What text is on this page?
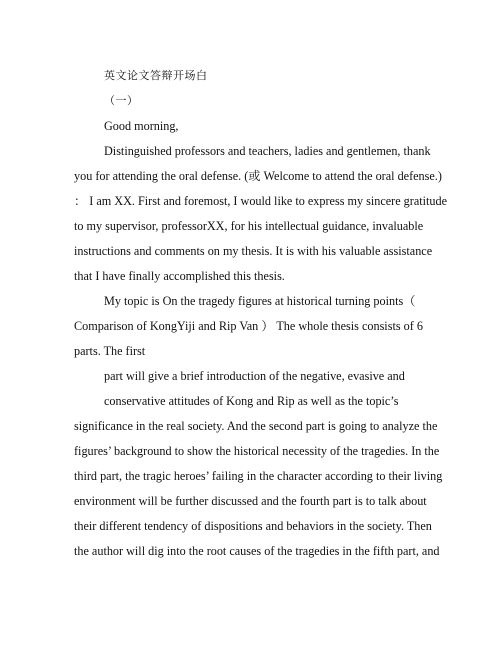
英文论文答辩开场白
（一）
Good morning,
Distinguished professors and teachers, ladies and gentlemen, thank
you for attending the oral defense. (或 Welcome to attend the oral defense.)
： I am XX. First and foremost, I would like to express my sincere gratitude
to my supervisor, professorXX, for his intellectual guidance, invaluable
instructions and comments on my thesis. It is with his valuable assistance
that I have finally accomplished this thesis.
My topic is On the tragedy figures at historical turning points（
Comparison of KongYiji and Rip Van ） The whole thesis consists of 6
parts. The first
part will give a brief introduction of the negative, evasive and
conservative attitudes of Kong and Rip as well as the topic’s
significance in the real society. And the second part is going to analyze the
figures’ background to show the historical necessity of the tragedies. In the
third part, the tragic heroes’ failing in the character according to their living
environment will be further discussed and the fourth part is to talk about
their different tendency of dispositions and behaviors in the society. Then
the author will dig into the root causes of the tragedies in the fifth part, and
